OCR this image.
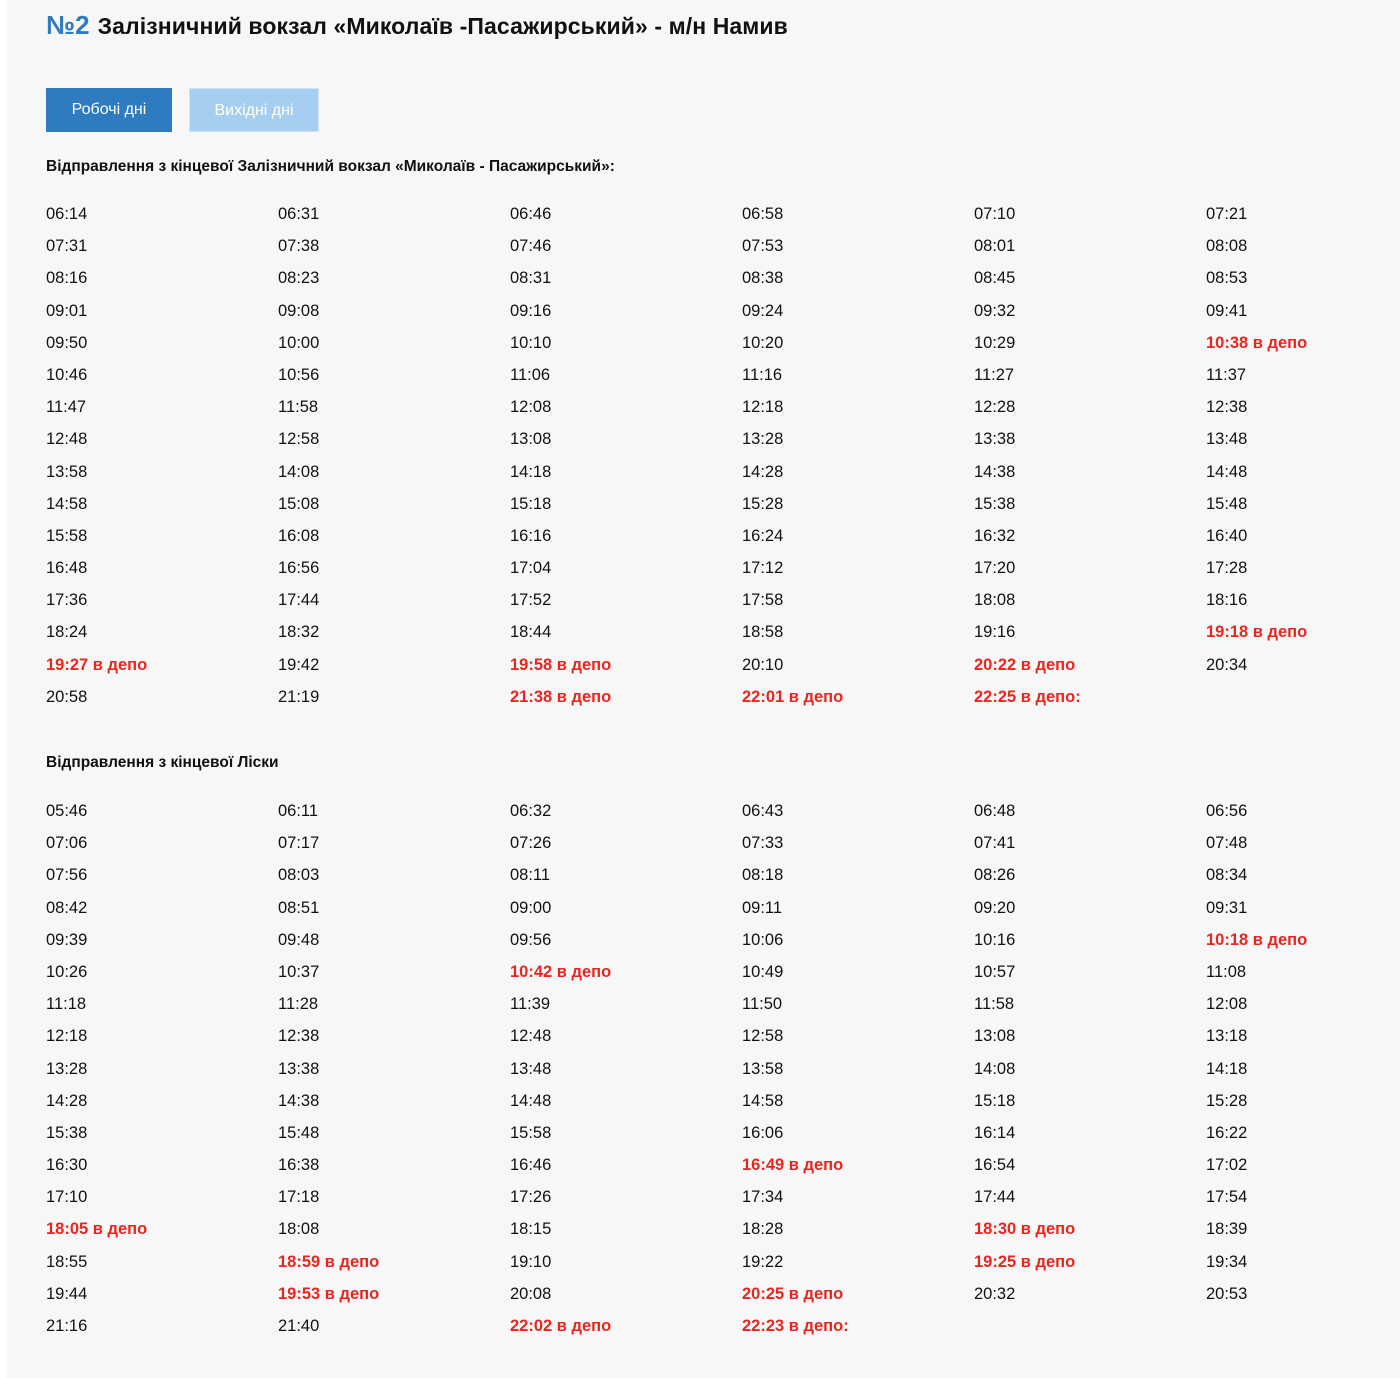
№2 Залізничний вокзал «Миколаїв -Пасажирський» - м/н Намив
Робочі дні	Вихідні дні
Відправлення з кінцевої Залізничний вокзал «Миколаїв - Пасажирський»:
06:14	06:31	06:46	06:58	07:10	07:21
07:31	07:38	07:46	07:53	08:01	08:08
08:16	08:23	08:31	08:38	08:45	08:53
09:01	09:08	09:16	09:24	09:32	09:41
09:50	10:00	10:10	10:20	10:29	10:38 в депо
10:46	10:56	11:06	11:16	11:27	11:37
11:47	11:58	12:08	12:18	12:28	12:38
12:48	12:58	13:08	13:28	13:38	13:48
13:58	14:08	14:18	14:28	14:38	14:48
14:58	15:08	15:18	15:28	15:38	15:48
15:58	16:08	16:16	16:24	16:32	16:40
16:48	16:56	17:04	17:12	17:20	17:28
17:36	17:44	17:52	17:58	18:08	18:16
18:24	18:32	18:44	18:58	19:16	19:18 в депо
19:27 в депо	19:42	19:58 в депо	20:10	20:22 в депо	20:34
20:58	21:19	21:38 в депо	22:01 в депо	22:25 в депо:
Відправлення з кінцевої Ліски
05:46	06:11	06:32	06:43	06:48	06:56
07:06	07:17	07:26	07:33	07:41	07:48
07:56	08:03	08:11	08:18	08:26	08:34
08:42	08:51	09:00	09:11	09:20	09:31
09:39	09:48	09:56	10:06	10:16	10:18 в депо
10:26	10:37	10:42 в депо	10:49	10:57	11:08
11:18	11:28	11:39	11:50	11:58	12:08
12:18	12:38	12:48	12:58	13:08	13:18
13:28	13:38	13:48	13:58	14:08	14:18
14:28	14:38	14:48	14:58	15:18	15:28
15:38	15:48	15:58	16:06	16:14	16:22
16:30	16:38	16:46	16:49 в депо	16:54	17:02
17:10	17:18	17:26	17:34	17:44	17:54
18:05 в депо	18:08	18:15	18:28	18:30 в депо	18:39
18:55	18:59 в депо	19:10	19:22	19:25 в депо	19:34
19:44	19:53 в депо	20:08	20:25 в депо	20:32	20:53
21:16	21:40	22:02 в депо	22:23 в депо:
